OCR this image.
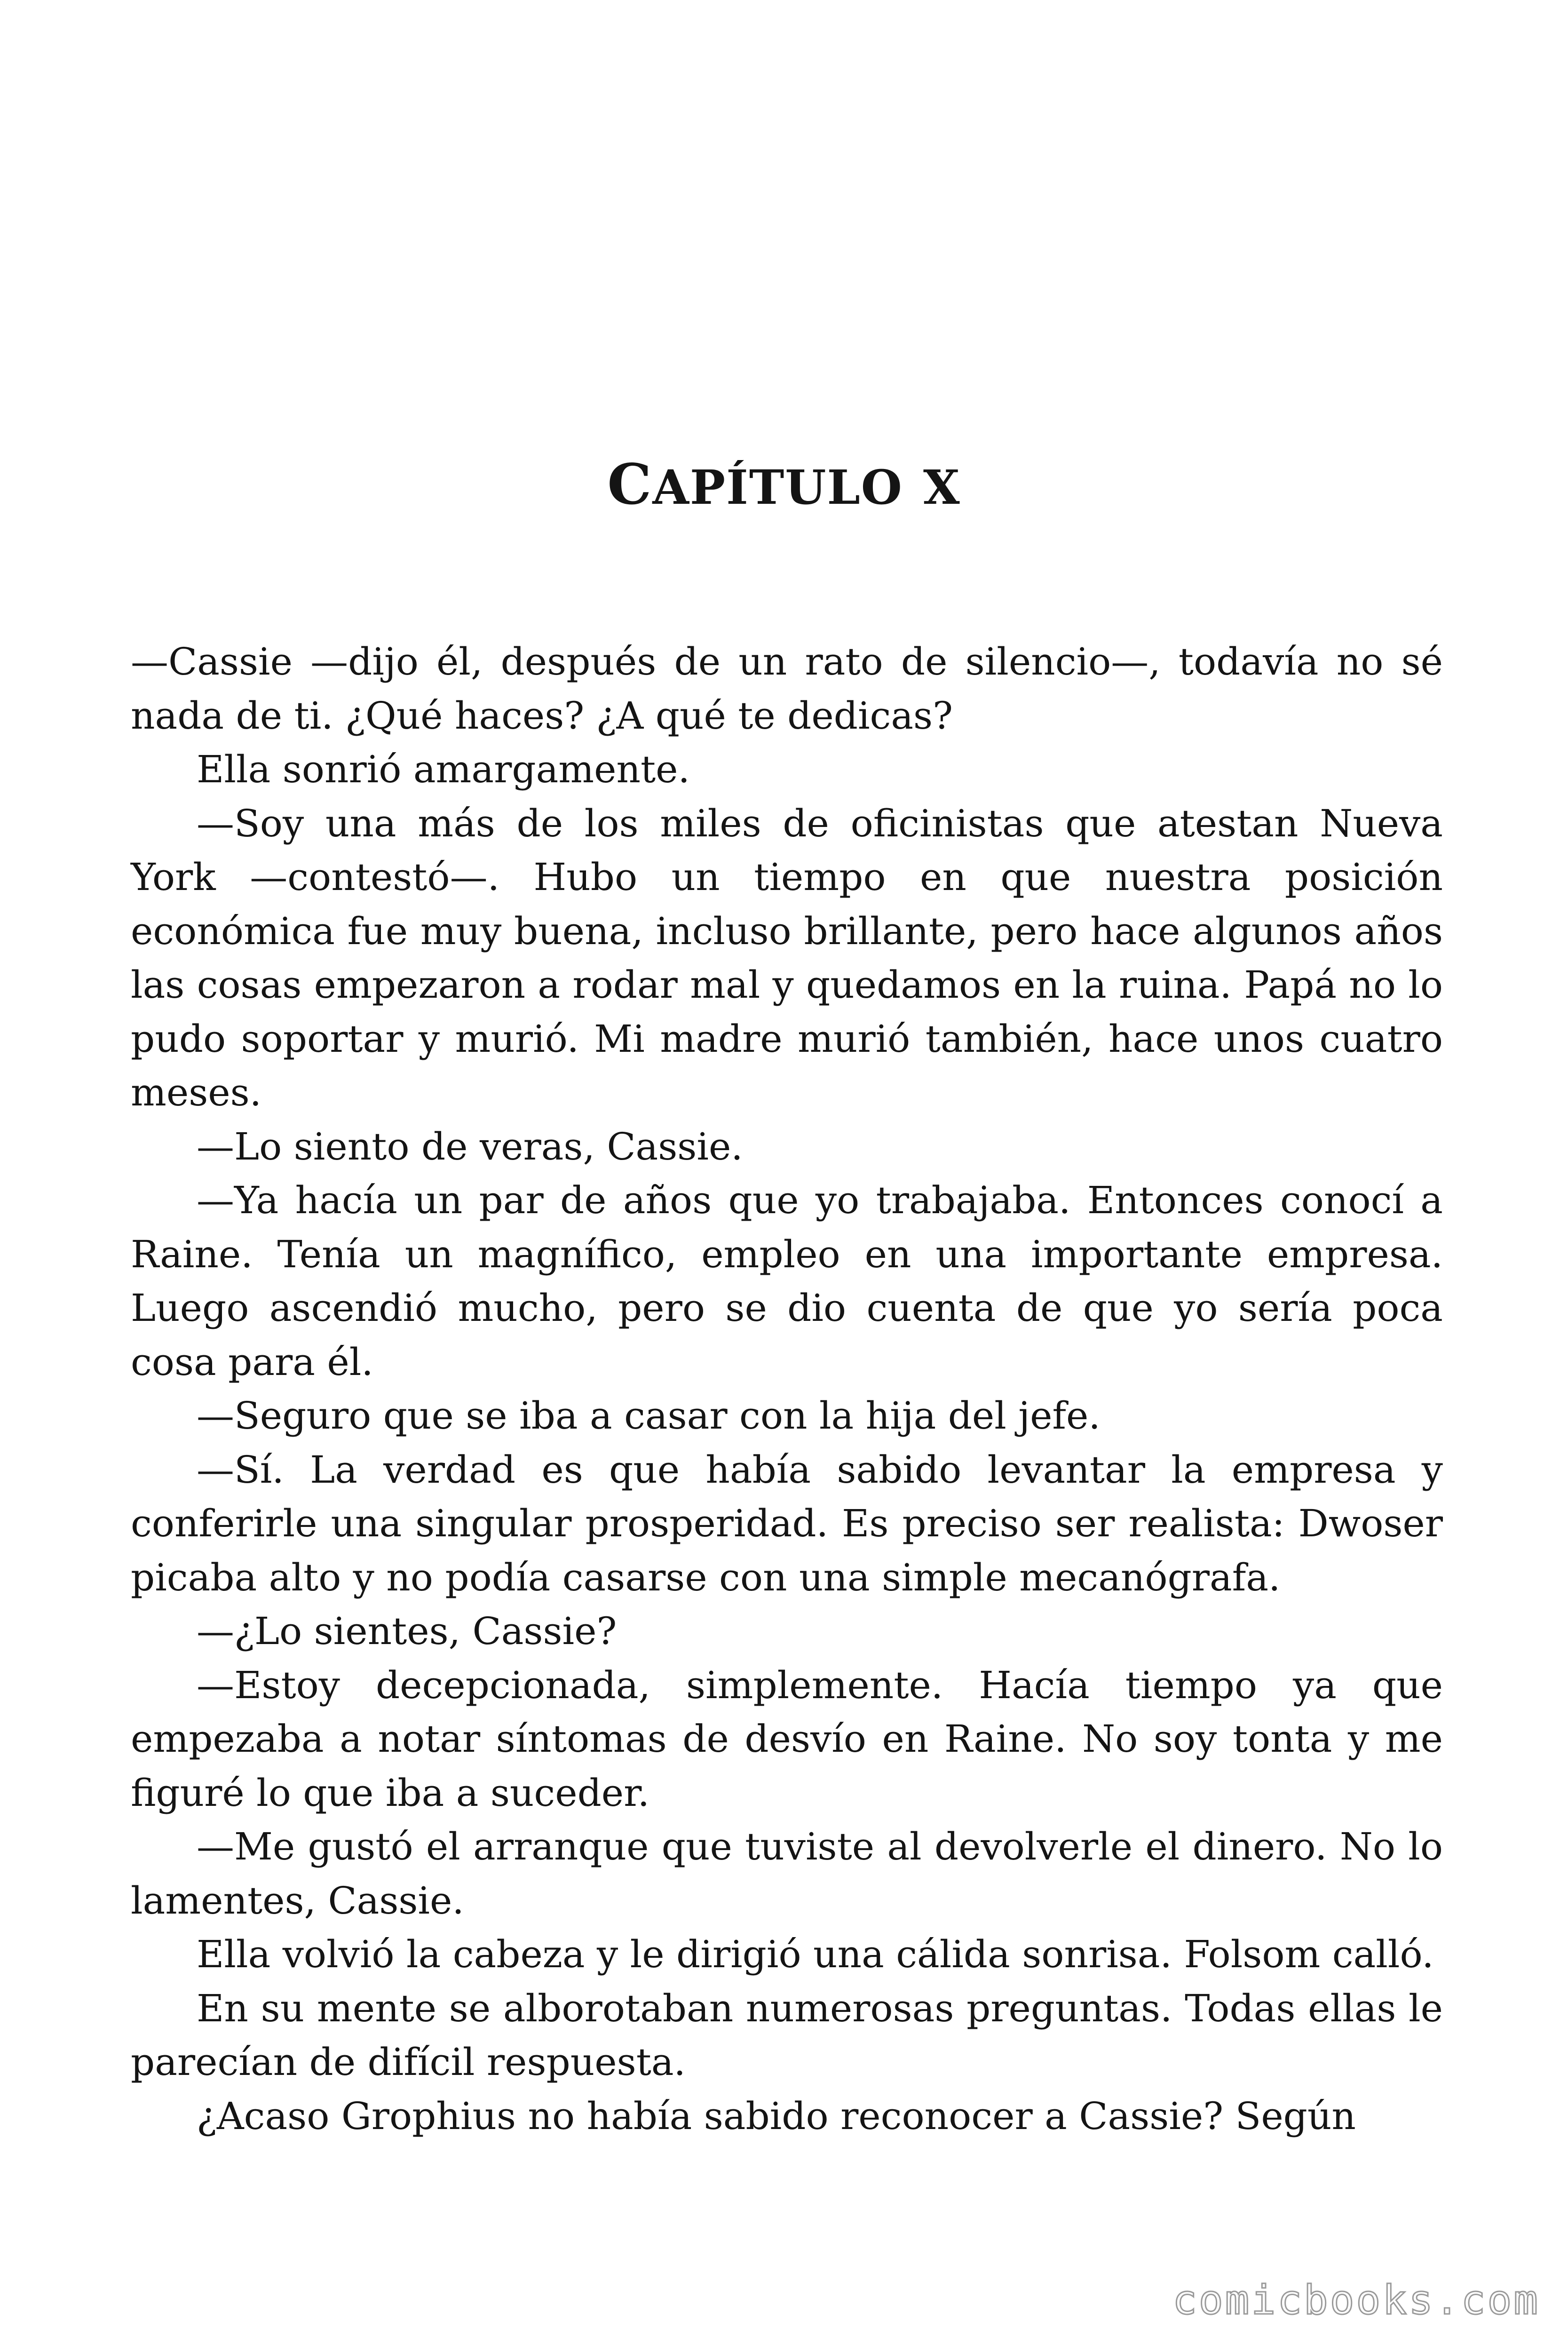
CAPÍTULO X

—Cassie —dijo él, después de un rato de silencio—, todavía no sé nada de ti. ¿Qué haces? ¿A qué te dedicas?

Ella sonrió amargamente.

—Soy una más de los miles de oficinistas que atestan Nueva York —contestó—. Hubo un tiempo en que nuestra posición económica fue muy buena, incluso brillante, pero hace algunos años las cosas empezaron a rodar mal y quedamos en la ruina. Papá no lo pudo soportar y murió. Mi madre murió también, hace unos cuatro meses.

—Lo siento de veras, Cassie.

—Ya hacía un par de años que yo trabajaba. Entonces conocí a Raine. Tenía un magnífico, empleo en una importante empresa. Luego ascendió mucho, pero se dio cuenta de que yo sería poca cosa para él.

—Seguro que se iba a casar con la hija del jefe.

—Sí. La verdad es que había sabido levantar la empresa y conferirle una singular prosperidad. Es preciso ser realista: Dwoser picaba alto y no podía casarse con una simple mecanógrafa.

—¿Lo sientes, Cassie?

—Estoy decepcionada, simplemente. Hacía tiempo ya que empezaba a notar síntomas de desvío en Raine. No soy tonta y me figuré lo que iba a suceder.

—Me gustó el arranque que tuviste al devolverle el dinero. No lo lamentes, Cassie.

Ella volvió la cabeza y le dirigió una cálida sonrisa. Folsom calló.

En su mente se alborotaban numerosas preguntas. Todas ellas le parecían de difícil respuesta.

¿Acaso Grophius no había sabido reconocer a Cassie? Según

comicbooks.com
